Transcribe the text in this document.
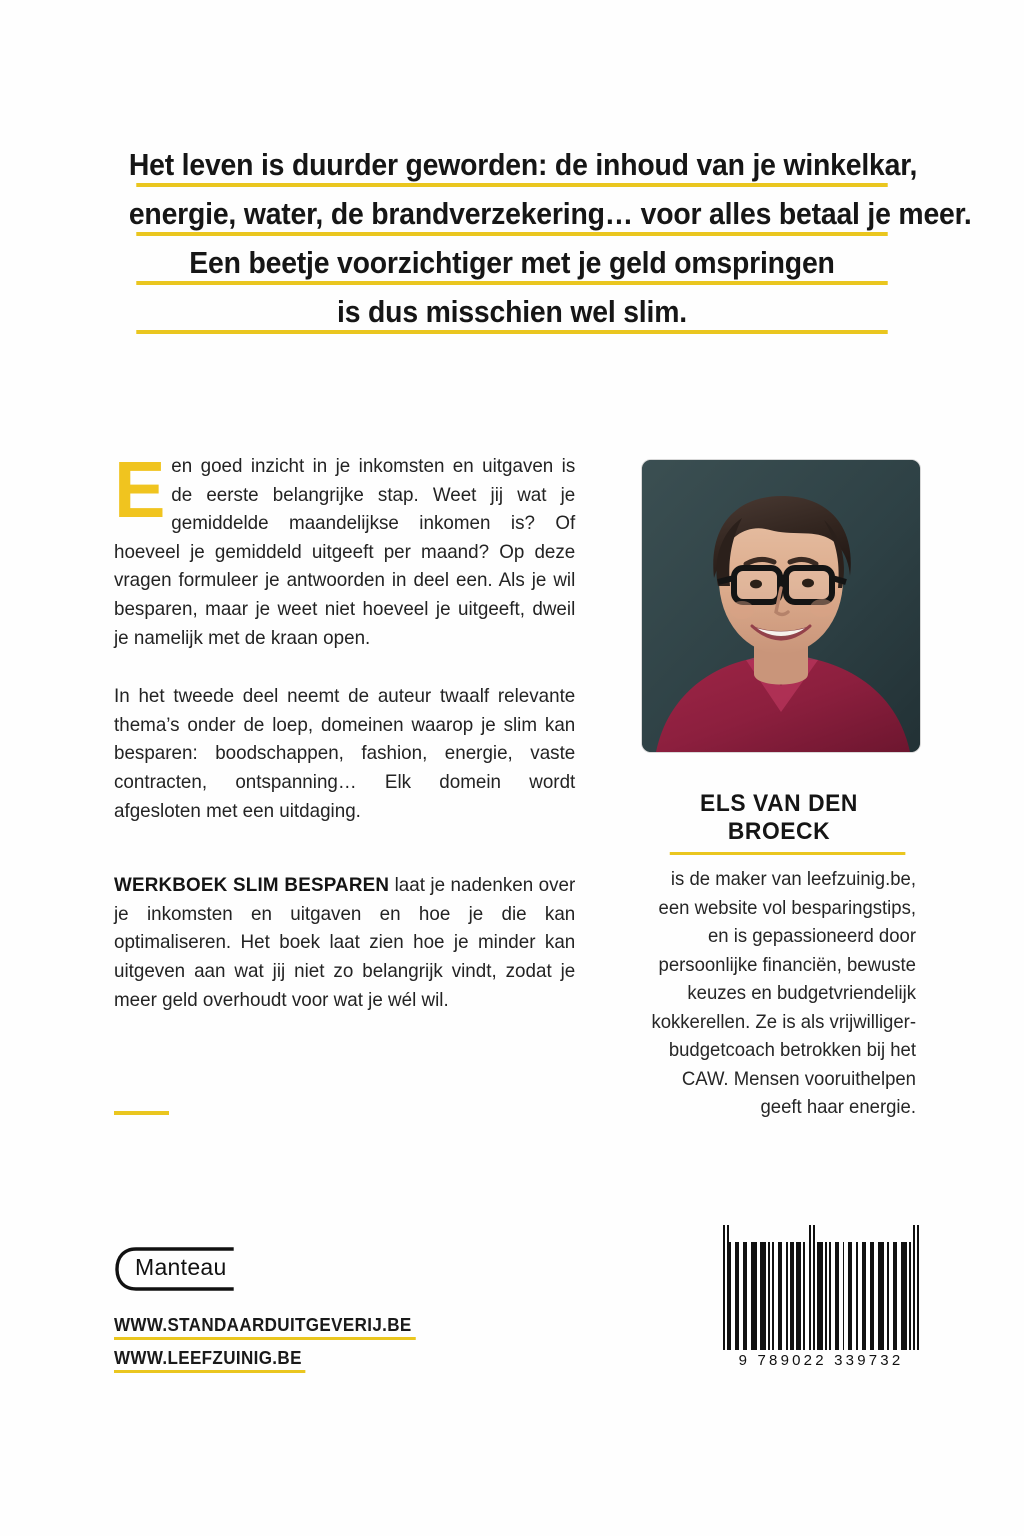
Het leven is duurder geworden: de inhoud van je winkelkar,
energie, water, de brandverzekering… voor alles betaal je meer.
Een beetje voorzichtiger met je geld omspringen
is dus misschien wel slim.

Een goed inzicht in je inkomsten en uitgaven is de eerste belangrijke stap. Weet jij wat je gemiddelde maandelijkse inkomen is? Of hoeveel je gemiddeld uitgeeft per maand? Op deze vragen formuleer je antwoorden in deel een. Als je wil besparen, maar je weet niet hoeveel je uitgeeft, dweil je namelijk met de kraan open.

In het tweede deel neemt de auteur twaalf relevante thema’s onder de loep, domeinen waarop je slim kan besparen: boodschappen, fashion, energie, vaste contracten, ontspanning… Elk domein wordt afgesloten met een uitdaging.

WERKBOEK SLIM BESPAREN laat je nadenken over je inkomsten en uitgaven en hoe je die kan optimaliseren. Het boek laat zien hoe je minder kan uitgeven aan wat jij niet zo belangrijk vindt, zodat je meer geld overhoudt voor wat je wél wil.

ELS VAN DEN BROECK

is de maker van leefzuinig.be, een website vol besparingstips, en is gepassioneerd door persoonlijke financiën, bewuste keuzes en budgetvriendelijk kokkerellen. Ze is als vrijwilliger-budgetcoach betrokken bij het CAW. Mensen vooruithelpen geeft haar energie.

Manteau
WWW.STANDAARDUITGEVERIJ.BE
WWW.LEEFZUINIG.BE	9 789022 339732
